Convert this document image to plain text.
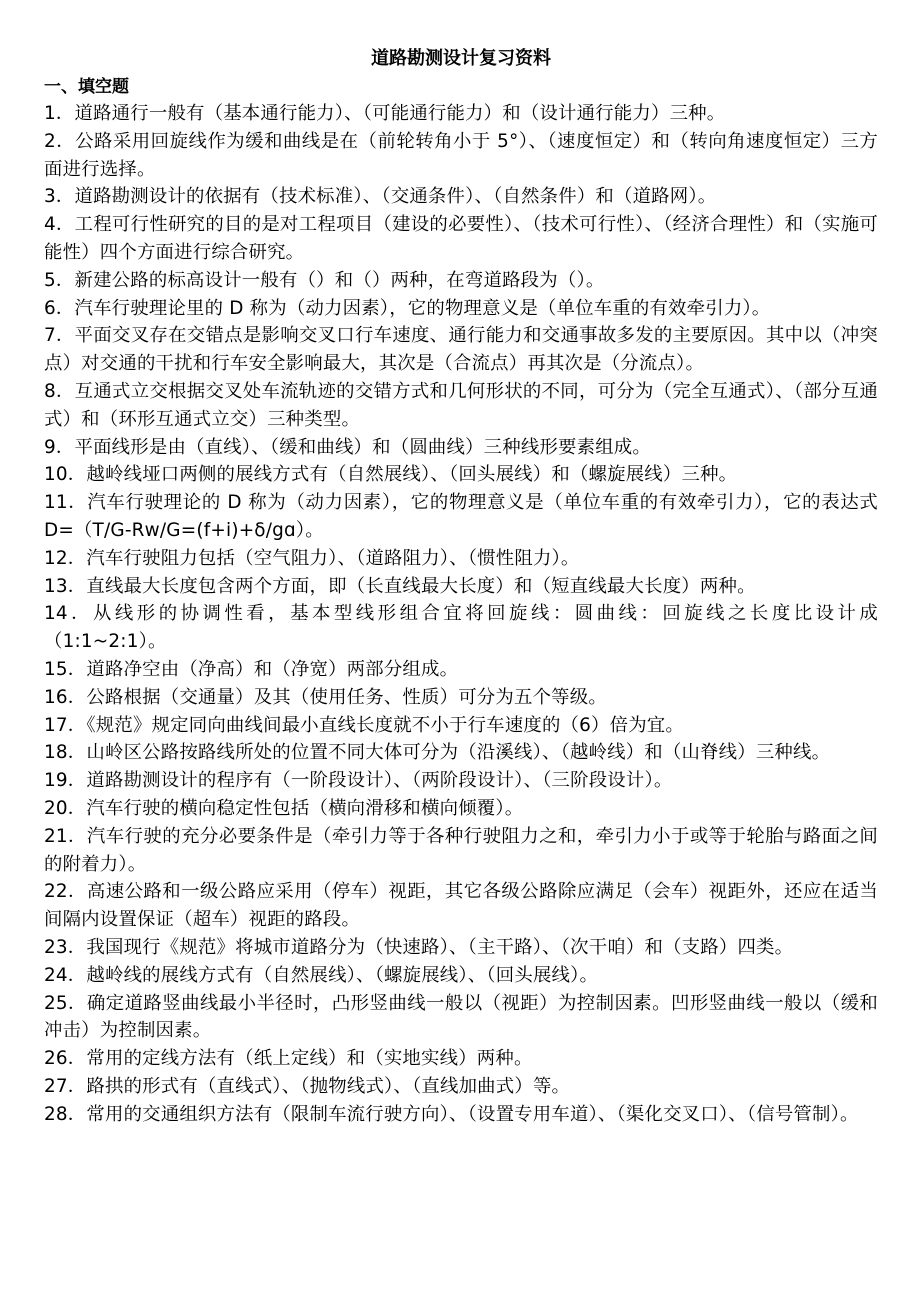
道路勘测设计复习资料
一、填空题

1．道路通行一般有（基本通行能力）、（可能通行能力）和（设计通行能力）三种。

2．公路采用回旋线作为缓和曲线是在（前轮转角小于 5°）、（速度恒定）和（转向角速度恒定）三方面进行选择。

3．道路勘测设计的依据有（技术标准）、（交通条件）、（自然条件）和（道路网）。

4．工程可行性研究的目的是对工程项目（建设的必要性）、（技术可行性）、（经济合理性）和（实施可能性）四个方面进行综合研究。

5．新建公路的标高设计一般有（）和（）两种，在弯道路段为（）。

6．汽车行驶理论里的 D 称为（动力因素），它的物理意义是（单位车重的有效牵引力）。

7．平面交叉存在交错点是影响交叉口行车速度、通行能力和交通事故多发的主要原因。其中以（冲突点）对交通的干扰和行车安全影响最大，其次是（合流点）再其次是（分流点）。

8．互通式立交根据交叉处车流轨迹的交错方式和几何形状的不同，可分为（完全互通式）、（部分互通式）和（环形互通式立交）三种类型。

9．平面线形是由（直线）、（缓和曲线）和（圆曲线）三种线形要素组成。

10．越岭线垭口两侧的展线方式有（自然展线）、（回头展线）和（螺旋展线）三种。

11．汽车行驶理论的 D 称为（动力因素），它的物理意义是（单位车重的有效牵引力），它的表达式 D=（T/G-Rw/G=(f+i)+δ/gɑ）。

12．汽车行驶阻力包括（空气阻力）、（道路阻力）、（惯性阻力）。

13．直线最大长度包含两个方面，即（长直线最大长度）和（短直线最大长度）两种。

14．从线形的协调性看，基本型线形组合宜将回旋线：圆曲线：回旋线之长度比设计成（1:1~2:1）。

15．道路净空由（净高）和（净宽）两部分组成。

16．公路根据（交通量）及其（使用任务、性质）可分为五个等级。

17．《规范》规定同向曲线间最小直线长度就不小于行车速度的（6）倍为宜。

18．山岭区公路按路线所处的位置不同大体可分为（沿溪线）、（越岭线）和（山脊线）三种线。

19．道路勘测设计的程序有（一阶段设计）、（两阶段设计）、（三阶段设计）。

20．汽车行驶的横向稳定性包括（横向滑移和横向倾覆）。

21．汽车行驶的充分必要条件是（牵引力等于各种行驶阻力之和，牵引力小于或等于轮胎与路面之间的附着力）。

22．高速公路和一级公路应采用（停车）视距，其它各级公路除应满足（会车）视距外，还应在适当间隔内设置保证（超车）视距的路段。

23．我国现行《规范》将城市道路分为（快速路）、（主干路）、（次干咱）和（支路）四类。

24．越岭线的展线方式有（自然展线）、（螺旋展线）、（回头展线）。

25．确定道路竖曲线最小半径时，凸形竖曲线一般以（视距）为控制因素。凹形竖曲线一般以（缓和冲击）为控制因素。

26．常用的定线方法有（纸上定线）和（实地实线）两种。

27．路拱的形式有（直线式）、（抛物线式）、（直线加曲式）等。

28．常用的交通组织方法有（限制车流行驶方向）、（设置专用车道）、（渠化交叉口）、（信号管制）。
